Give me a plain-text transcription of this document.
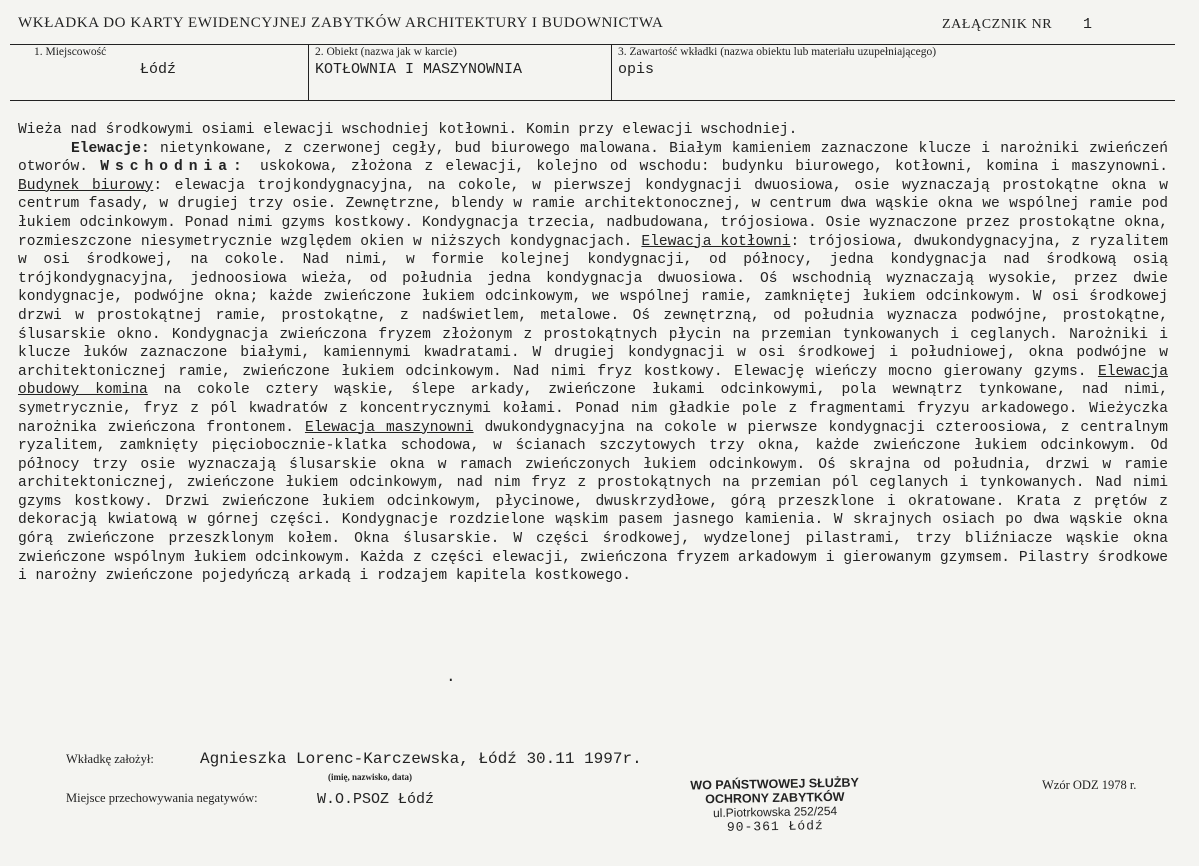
WKŁADKA DO KARTY EWIDENCYJNEJ ZABYTKÓW ARCHITEKTURY I BUDOWNICTWA	ZAŁĄCZNIK NR 1
1. Miejscowość
Łódź
2. Obiekt (nazwa jak w karcie)
KOTŁOWNIA I MASZYNOWNIA
3. Zawartość wkładki (nazwa obiektu lub materiału uzupełniającego)
opis

Wieża nad środkowymi osiami elewacji wschodniej kotłowni. Komin przy elewacji wschodniej.

Elewacje: nietynkowane, z czerwonej cegły, bud biurowego malowana. Białym kamieniem zaznaczone klucze i narożniki zwieńczeń otworów. Wschodnia: uskokowa, złożona z elewacji, kolejno od wschodu: budynku biurowego, kotłowni, komina i maszynowni. Budynek biurowy: elewacja trojkondygnacyjna, na cokole, w pierwszej kondygnacji dwuosiowa, osie wyznaczają prostokątne okna w centrum fasady, w drugiej trzy osie. Zewnętrzne, blendy w ramie architektonocznej, w centrum dwa wąskie okna we wspólnej ramie pod łukiem odcinkowym. Ponad nimi gzyms kostkowy. Kondygnacja trzecia, nadbudowana, trójosiowa. Osie wyznaczone przez prostokątne okna, rozmieszczone niesymetrycznie względem okien w niższych kondygnacjach. Elewacja kotłowni: trójosiowa, dwukondygnacyjna, z ryzalitem w osi środkowej, na cokole. Nad nimi, w formie kolejnej kondygnacji, od północy, jedna kondygnacja nad środkową osią trójkondygnacyjna, jednoosiowa wieża, od południa jedna kondygnacja dwuosiowa. Oś wschodnią wyznaczają wysokie, przez dwie kondygnacje, podwójne okna; każde zwieńczone łukiem odcinkowym, we wspólnej ramie, zamkniętej łukiem odcinkowym. W osi środkowej drzwi w prostokątnej ramie, prostokątne, z nadświetlem, metalowe. Oś zewnętrzną, od południa wyznacza podwójne, prostokątne, ślusarskie okno. Kondygnacja zwieńczona fryzem złożonym z prostokątnych płycin na przemian tynkowanych i ceglanych. Narożniki i klucze łuków zaznaczone białymi, kamiennymi kwadratami. W drugiej kondygnacji w osi środkowej i południowej, okna podwójne w architektonicznej ramie, zwieńczone łukiem odcinkowym. Nad nimi fryz kostkowy. Elewację wieńczy mocno gierowany gzyms. Elewacja obudowy komina na cokole cztery wąskie, ślepe arkady, zwieńczone łukami odcinkowymi, pola wewnątrz tynkowane, nad nimi, symetrycznie, fryz z pól kwadratów z koncentrycznymi kołami. Ponad nim gładkie pole z fragmentami fryzyu arkadowego. Wieżyczka narożnika zwieńczona frontonem. Elewacja maszynowni dwukondygnacyjna na cokole w pierwsze kondygnacji czteroosiowa, z centralnym ryzalitem, zamknięty pięciobocznie-klatka schodowa, w ścianach szczytowych trzy okna, każde zwieńczone łukiem odcinkowym. Od północy trzy osie wyznaczają ślusarskie okna w ramach zwieńczonych łukiem odcinkowym. Oś skrajna od południa, drzwi w ramie architektonicznej, zwieńczone łukiem odcinkowym, nad nim fryz z prostokątnych na przemian pól ceglanych i tynkowanych. Nad nimi gzyms kostkowy. Drzwi zwieńczone łukiem odcinkowym, płycinowe, dwuskrzydłowe, górą przeszklone i okratowane. Krata z prętów z dekoracją kwiatową w górnej części. Kondygnacje rozdzielone wąskim pasem jasnego kamienia. W skrajnych osiach po dwa wąskie okna górą zwieńczone przeszklonym kołem. Okna ślusarskie. W części środkowej, wydzelonej pilastrami, trzy bliźniacze wąskie okna zwieńczone wspólnym łukiem odcinkowym. Każda z części elewacji, zwieńczona fryzem arkadowym i gierowanym gzymsem. Pilastry środkowe i narożny zwieńczone pojedyńczą arkadą i rodzajem kapitela kostkowego.

.
Wkładkę założył:	Agnieszka Lorenc-Karczewska, Łódź 30.11 1997r.
(imię, nazwisko, data)
Miejsce przechowywania negatywów:	W.O.PSOZ Łódź
WO PAŃSTWOWEJ SŁUŻBY
OCHRONY ZABYTKÓW
ul.Piotrkowska 252/254
90-361 Łódź
Wzór ODZ 1978 r.
